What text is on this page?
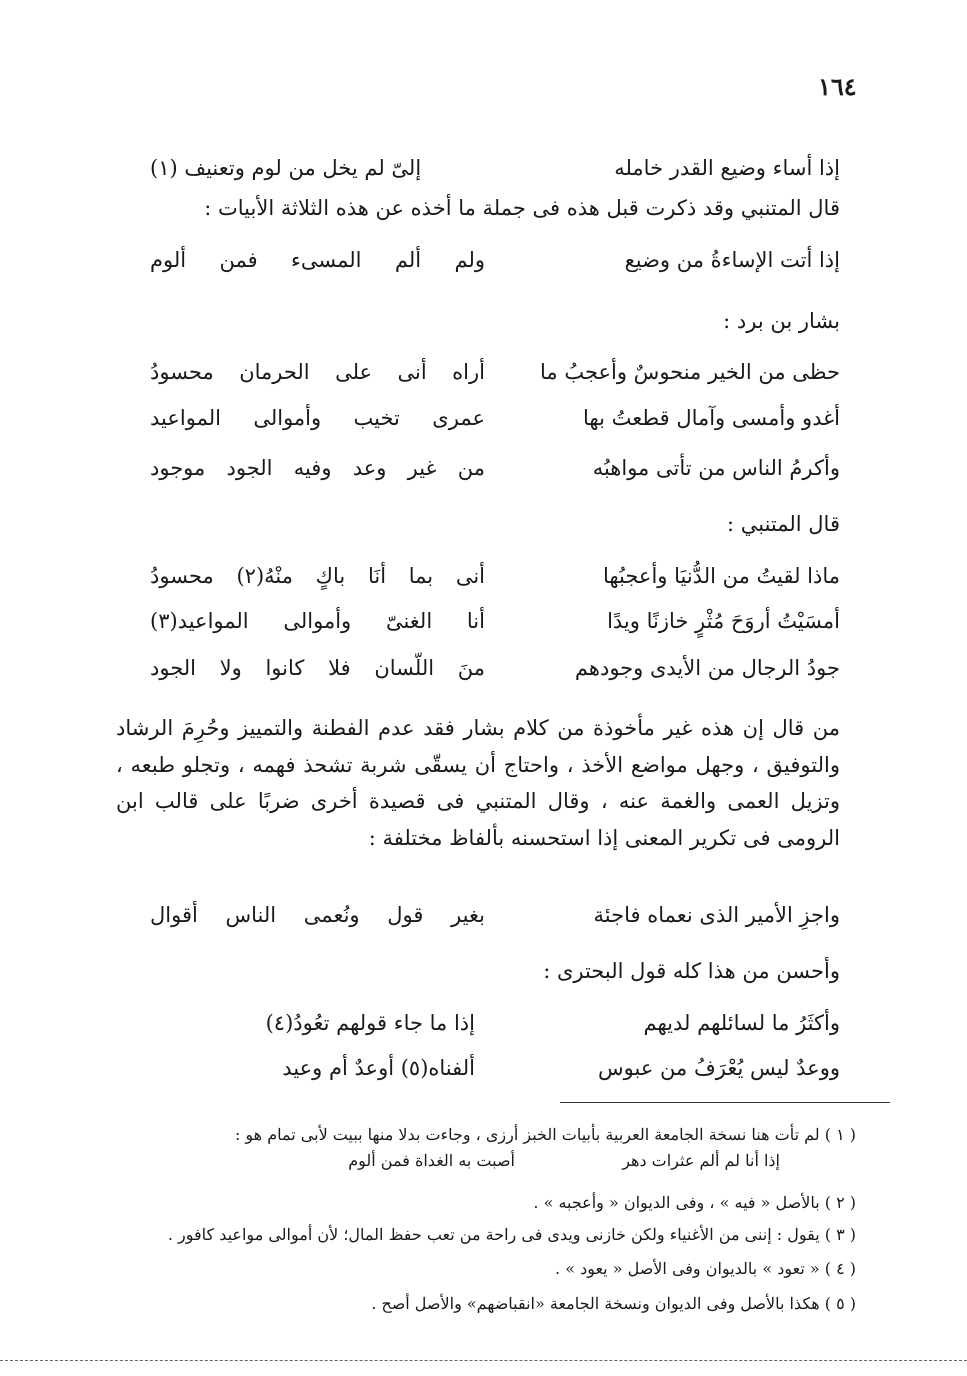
١٦٤
إذا أساء وضيع القدر خامله
إلىّ لم يخل من لوم وتعنيف (١)
قال المتنبي وقد ذكرت قبل هذه فى جملة ما أخذه عن هذه الثلاثة الأبيات :
إذا أتت الإساءةُ من وضيع
ولم ألم المسىء فمن ألوم
بشار بن برد :
حظى من الخير منحوسٌ وأعجبُ ما
أراه أنى على الحرمان محسودُ
أغدو وأمسى وآمال قطعتُ بها
عمرى تخيب وأموالى المواعيد
وأكرمُ الناس من تأتى مواهبُه
من غير وعد وفيه الجود موجود
قال المتنبي :
ماذا لقيتُ من الدُّنيَا وأعجبُها
أنى بما أنَا باكٍ منْهُ(٢) محسودُ
أمسَيْتُ أروَحَ مُثْرٍ خازنًا ويدًا
أنا الغنىّ وأموالى المواعيد(٣)
جودُ الرجال من الأيدى وجودهم
منَ اللّسان فلا كانوا ولا الجود
من قال إن هذه غير مأخوذة من كلام بشار فقد عدم الفطنة والتمييز وحُرِمَ الرشاد والتوفيق ، وجهل مواضع الأخذ ، واحتاج أن يسقّى شربة تشحذ فهمه ، وتجلو طبعه ، وتزيل العمى والغمة عنه ، وقال المتنبي فى قصيدة أخرى ضربًا على قالب ابن الرومى فى تكرير المعنى إذا استحسنه بألفاظ مختلفة :
واجزِ الأمير الذى نعماه فاجئة
بغير قول ونُعمى الناس أقوال
وأحسن من هذا كله قول البحترى :
وأكثَرُ ما لسائلهم لديهم
إذا ما جاء قولهم تعُودُ(٤)
ووعدٌ ليس يُعْرَفُ من عبوس
ألفناه(٥) أوعدٌ أم وعيد
( ١ ) لم تأت هنا نسخة الجامعة العربية بأبيات الخبز أرزى ، وجاءت بدلا منها ببيت لأبى تمام هو :
إذا أنا لم ألم عثرات دهر
أصبت به الغداة فمن ألوم
( ٢ ) بالأصل « فيه » ، وفى الديوان « وأعجبه » .
( ٣ ) يقول : إننى من الأغنياء ولكن خازنى ويدى فى راحة من تعب حفظ المال؛ لأن أموالى مواعيد كافور .
( ٤ ) « تعود » بالديوان وفى الأصل « يعود » .
( ٥ ) هكذا بالأصل وفى الديوان ونسخة الجامعة «انقباضهم» والأصل أصح .
